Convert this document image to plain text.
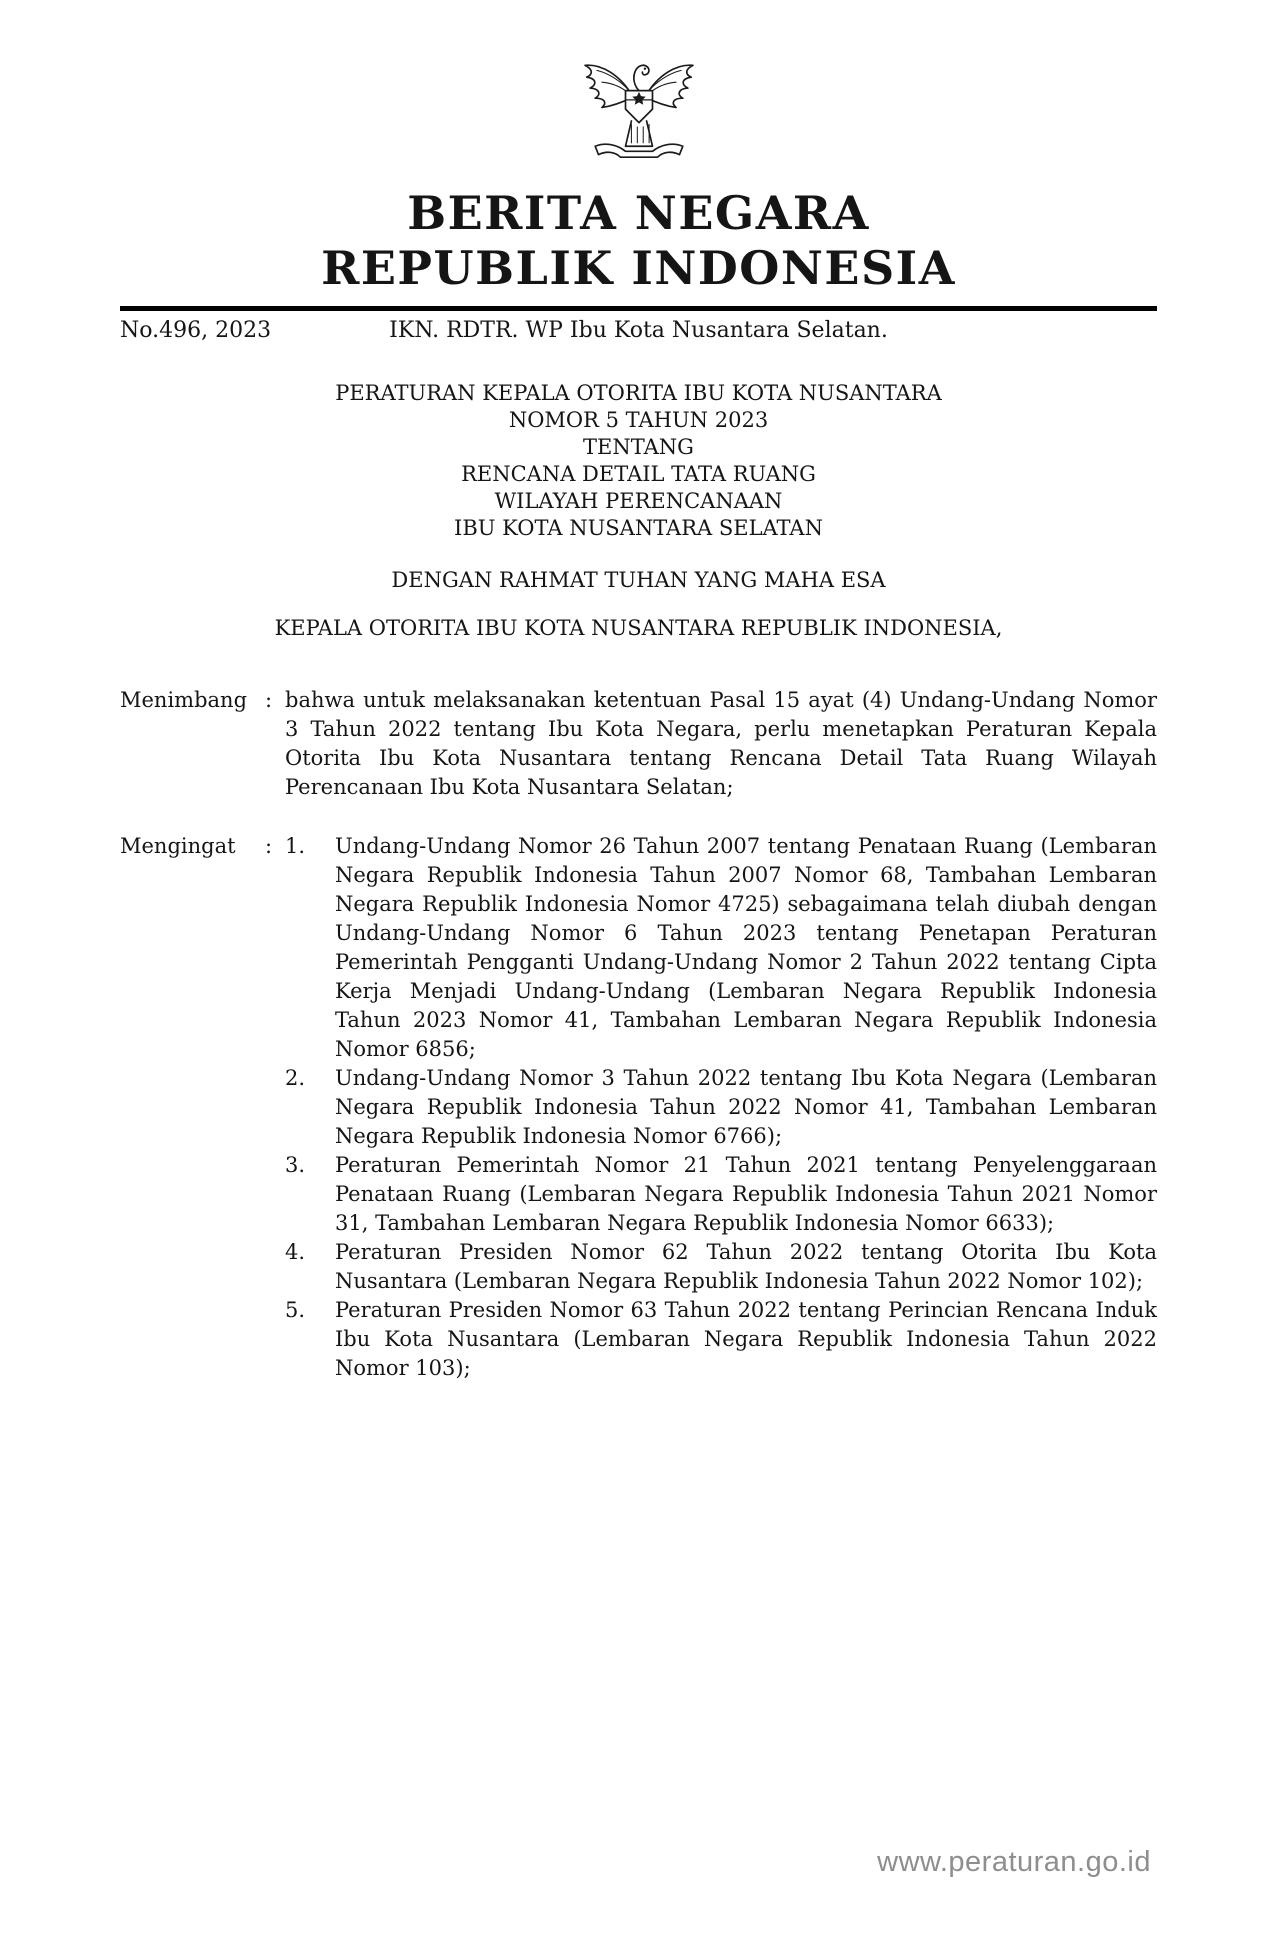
BERITA NEGARA
REPUBLIK INDONESIA
No.496, 2023	IKN. RDTR. WP Ibu Kota Nusantara Selatan.
PERATURAN KEPALA OTORITA IBU KOTA NUSANTARA
NOMOR 5 TAHUN 2023
TENTANG
RENCANA DETAIL TATA RUANG
WILAYAH PERENCANAAN
IBU KOTA NUSANTARA SELATAN
DENGAN RAHMAT TUHAN YANG MAHA ESA
KEPALA OTORITA IBU KOTA NUSANTARA REPUBLIK INDONESIA,
Menimbang : bahwa untuk melaksanakan ketentuan Pasal 15 ayat (4) Undang-Undang Nomor 3 Tahun 2022 tentang Ibu Kota Negara, perlu menetapkan Peraturan Kepala Otorita Ibu Kota Nusantara tentang Rencana Detail Tata Ruang Wilayah Perencanaan Ibu Kota Nusantara Selatan;
Mengingat	: 1.	Undang-Undang Nomor 26 Tahun 2007 tentang Penataan Ruang (Lembaran Negara Republik Indonesia Tahun 2007 Nomor 68, Tambahan Lembaran Negara Republik Indonesia Nomor 4725) sebagaimana telah diubah dengan Undang-Undang Nomor 6 Tahun 2023 tentang Penetapan Peraturan Pemerintah Pengganti Undang-Undang Nomor 2 Tahun 2022 tentang Cipta Kerja Menjadi Undang-Undang (Lembaran Negara Republik Indonesia Tahun 2023 Nomor 41, Tambahan Lembaran Negara Republik Indonesia Nomor 6856;
2.	Undang-Undang Nomor 3 Tahun 2022 tentang Ibu Kota Negara (Lembaran Negara Republik Indonesia Tahun 2022 Nomor 41, Tambahan Lembaran Negara Republik Indonesia Nomor 6766);
3.	Peraturan Pemerintah Nomor 21 Tahun 2021 tentang Penyelenggaraan Penataan Ruang (Lembaran Negara Republik Indonesia Tahun 2021 Nomor 31, Tambahan Lembaran Negara Republik Indonesia Nomor 6633);
4.	Peraturan Presiden Nomor 62 Tahun 2022 tentang Otorita Ibu Kota Nusantara (Lembaran Negara Republik Indonesia Tahun 2022 Nomor 102);
5.	Peraturan Presiden Nomor 63 Tahun 2022 tentang Perincian Rencana Induk Ibu Kota Nusantara (Lembaran Negara Republik Indonesia Tahun 2022 Nomor 103);
www.peraturan.go.id
